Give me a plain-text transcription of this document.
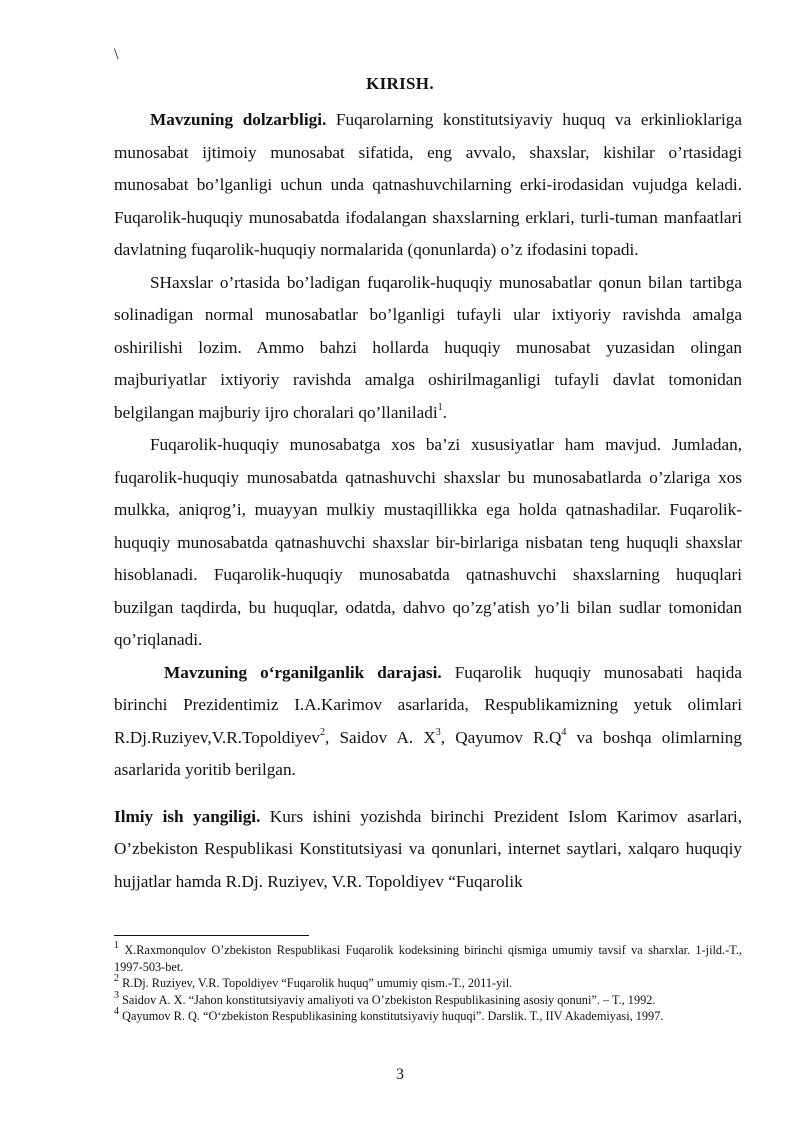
\
KIRISH.

Mavzuning dolzarbligi. Fuqarolarning konstitutsiyaviy huquq va erkinlioklariga munosabat ijtimoiy munosabat sifatida, eng avvalo, shaxslar, kishilar o’rtasidagi munosabat bo’lganligi uchun unda qatnashuvchilarning erki-irodasidan vujudga keladi. Fuqarolik-huquqiy munosabatda ifodalangan shaxslarning erklari, turli-tuman manfaatlari davlatning fuqarolik-huquqiy normalarida (qonunlarda) o’z ifodasini topadi.

SHaxslar o’rtasida bo’ladigan fuqarolik-huquqiy munosabatlar qonun bilan tartibga solinadigan normal munosabatlar bo’lganligi tufayli ular ixtiyoriy ravishda amalga oshirilishi lozim. Ammo bahzi hollarda huquqiy munosabat yuzasidan olingan majburiyatlar ixtiyoriy ravishda amalga oshirilmaganligi tufayli davlat tomonidan belgilangan majburiy ijro choralari qo’llaniladi$^1$.

Fuqarolik-huquqiy munosabatga xos ba’zi xususiyatlar ham mavjud. Jumladan, fuqarolik-huquqiy munosabatda qatnashuvchi shaxslar bu munosabatlarda o’zlariga xos mulkka, aniqrog’i, muayyan mulkiy mustaqillikka ega holda qatnashadilar. Fuqarolik-huquqiy munosabatda qatnashuvchi shaxslar bir-birlariga nisbatan teng huquqli shaxslar hisoblanadi. Fuqarolik-huquqiy munosabatda qatnashuvchi shaxslarning huquqlari buzilgan taqdirda, bu huquqlar, odatda, dahvo qo’zg’atish yo’li bilan sudlar tomonidan qo’riqlanadi.

Mavzuning o‘rganilganlik darajasi. Fuqarolik huquqiy munosabati haqida birinchi Prezidentimiz I.A.Karimov asarlarida, Respublikamizning yetuk olimlari R.Dj.Ruziyev,V.R.Topoldiyev$^2$, Saidov A. $X^3$, Qayumov $R.Q^4$ va boshqa olimlarning asarlarida yoritib berilgan.

Ilmiy ish yangiligi. Kurs ishini yozishda birinchi Prezident Islom Karimov asarlari, O’zbekiston Respublikasi Konstitutsiyasi va qonunlari, internet saytlari, xalqaro huquqiy hujjatlar hamda R.Dj. Ruziyev, V.R. Topoldiyev “Fuqarolik

$^1$ X.Raxmonqulov O’zbekiston Respublikasi Fuqarolik kodeksining birinchi qismiga umumiy tavsif va sharxlar. 1-jild.-T., 1997-503-bet.

$^2$ R.Dj. Ruziyev, V.R. Topoldiyev “Fuqarolik huquq” umumiy qism.-T., 2011-yil.

$^3$ Saidov A. X. “Jahon konstitutsiyaviy amaliyoti va O’zbekiston Respublikasining asosiy qonuni”. – T., 1992.

$^4$ Qayumov R. Q. “O‘zbekiston Respublikasining konstitutsiyaviy huquqi”. Darslik. T., IIV Akademiyasi, 1997.

3
